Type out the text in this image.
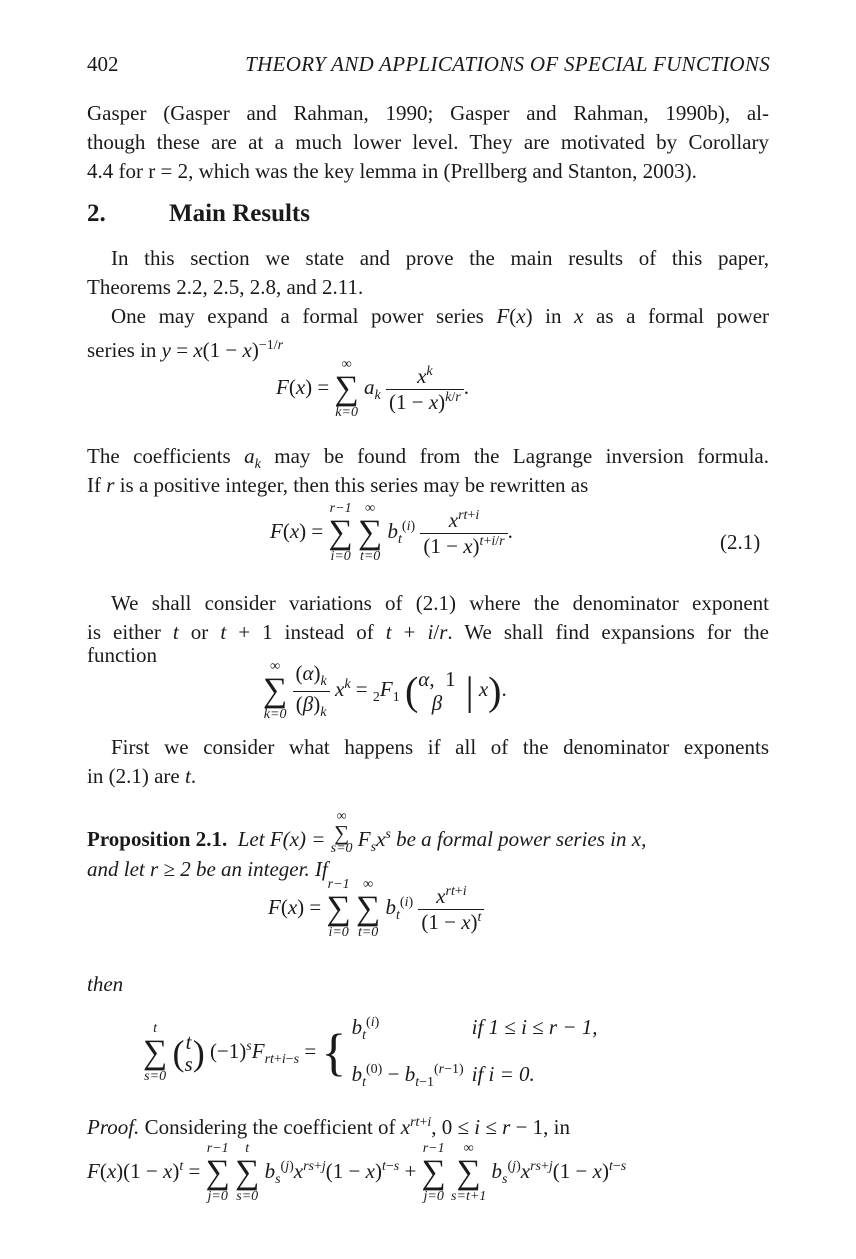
402	THEORY AND APPLICATIONS OF SPECIAL FUNCTIONS
Gasper (Gasper and Rahman, 1990; Gasper and Rahman, 1990b), al-
though these are at a much lower level. They are motivated by Corollary
4.4 for r = 2, which was the key lemma in (Prellberg and Stanton, 2003).
2.	Main Results
In this section we state and prove the main results of this paper,
Theorems 2.2, 2.5, 2.8, and 2.11.
One may expand a formal power series F(x) in x as a formal power
series in $y = x(1 - x)^{-1/r}$
F(x) =
∞
∑
k=0
$a_k \frac{x^k}{(1 - x)^{k/r}}$ .
The coefficients $a_k$ may be found from the Lagrange inversion formula.
If r is a positive integer, then this series may be rewritten as
F(x) =
r−1
∑
i=0

∞
∑
t=0
$b_t^{(i)} \frac{x^{rt+i}}{(1 - x)^{t+i/r}}$ .	(2.1)
We shall consider variations of (2.1) where the denominator exponent
is either t or t + 1 instead of t + i/r. We shall find expansions for the
function	∞
∑
k=0
$\frac{(\alpha)_k}{(\beta)_k} x^k = _2F_1$ (α,  1
β | x).
First we consider what happens if all of the denominator exponents
in (2.1) are t.
Proposition 2.1.  Let F(x) =
∞
∑
s=0 $F_sx^s$ be a formal power series in x,
and let r ≥ 2 be an integer. If
F(x) =
r−1
∑
i=0

∞
∑
t=0
$b_t^{(i)} \frac{x^{rt+i}}{(1 - x)^t}$
then
t
∑
s=0
(t
s) $(-1)^sF_{rt+i-s}$ = { $b_t^{(i)}$	if 1 ≤ i ≤ r − 1,
$b_t^{(0)} - b_{t-1}^{(r-1)}$ if i = 0.
Proof. Considering the coefficient of $x^{rt+i}$, 0 ≤ i ≤ r − 1, in
$F(x)(1 - x)^t$ =
r−1
∑
j=0

t
∑
s=0
$b_s^{(j)}x^{rs+j}(1 - x)^{t-s}$ +
r−1
∑
j=0

∞
∑
s=t+1
$b_s^{(j)}x^{rs+j}(1 - x)^{t-s}$
